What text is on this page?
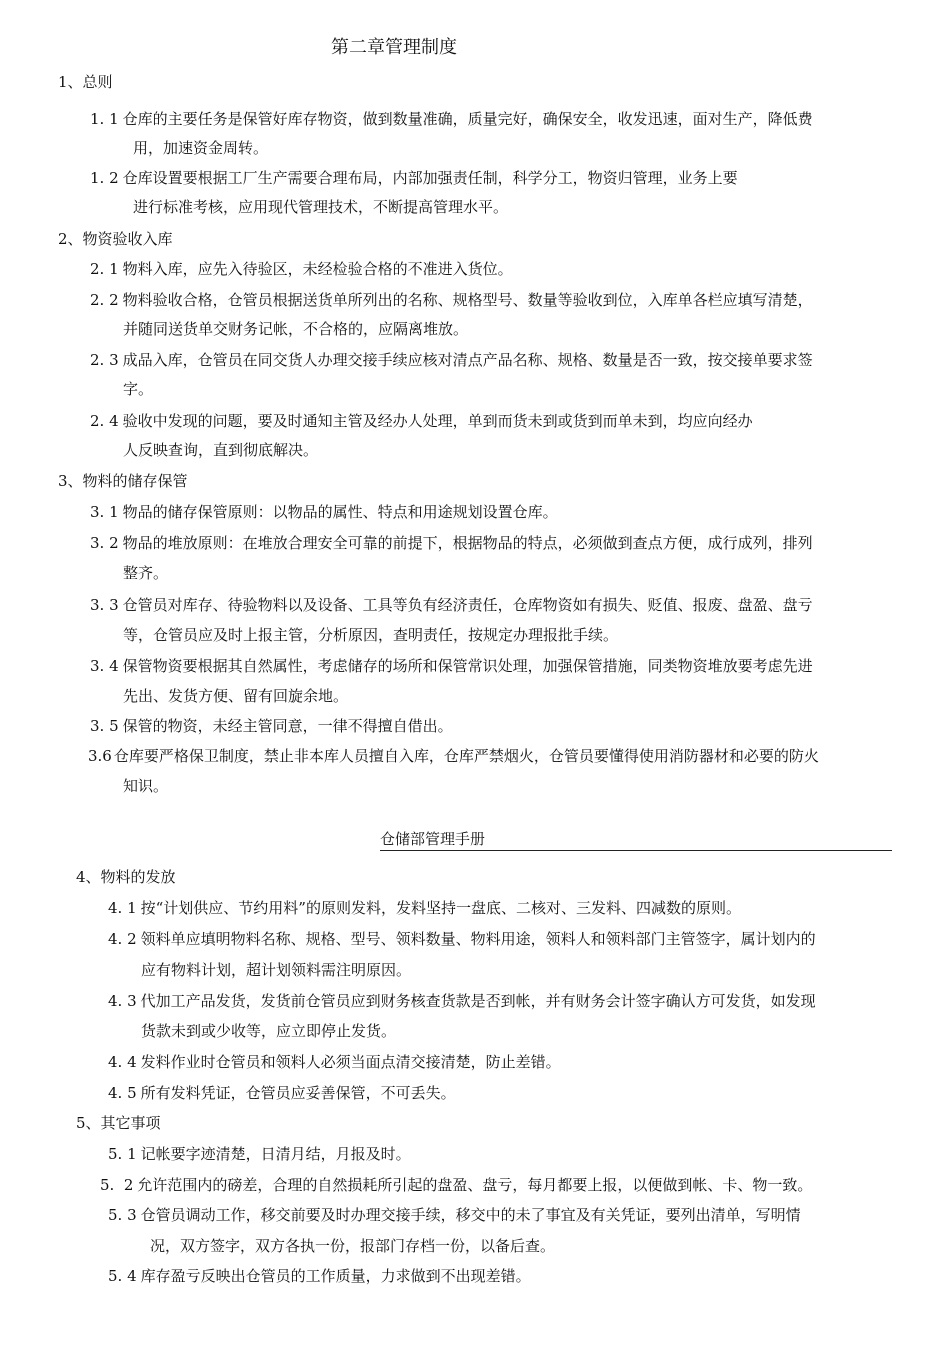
第二章管理制度
1、总则
1. 1 仓库的主要任务是保管好库存物资，做到数量准确，质量完好，确保安全，收发迅速，面对生产，降低费
用，加速资金周转。
1. 2 仓库设置要根据工厂生产需要合理布局，内部加强责任制，科学分工，物资归管理，业务上要
进行标准考核，应用现代管理技术，不断提高管理水平。
2、物资验收入库
2. 1 物料入库，应先入待验区，未经检验合格的不准进入货位。
2. 2 物料验收合格，仓管员根据送货单所列出的名称、规格型号、数量等验收到位，入库单各栏应填写清楚，
并随同送货单交财务记帐，不合格的，应隔离堆放。
2. 3 成品入库，仓管员在同交货人办理交接手续应核对清点产品名称、规格、数量是否一致，按交接单要求签
字。
2. 4 验收中发现的问题，要及时通知主管及经办人处理，单到而货未到或货到而单未到，均应向经办
人反映查询，直到彻底解决。
3、物料的储存保管
3. 1 物品的储存保管原则：以物品的属性、特点和用途规划设置仓库。
3. 2 物品的堆放原则：在堆放合理安全可靠的前提下，根据物品的特点，必须做到查点方便，成行成列，排列
整齐。
3. 3 仓管员对库存、待验物料以及设备、工具等负有经济责任，仓库物资如有损失、贬值、报废、盘盈、盘亏
等，仓管员应及时上报主管，分析原因，查明责任，按规定办理报批手续。
3. 4 保管物资要根据其自然属性，考虑储存的场所和保管常识处理，加强保管措施，同类物资堆放要考虑先进
先出、发货方便、留有回旋余地。
3. 5 保管的物资，未经主管同意，一律不得擅自借出。
3.6 仓库要严格保卫制度，禁止非本库人员擅自入库，仓库严禁烟火，仓管员要懂得使用消防器材和必要的防火
知识。
仓储部管理手册
4、物料的发放
4. 1 按“计划供应、节约用料”的原则发料，发料坚持一盘底、二核对、三发料、四减数的原则。
4. 2 领料单应填明物料名称、规格、型号、领料数量、物料用途，领料人和领料部门主管签字，属计划内的
应有物料计划，超计划领料需注明原因。
4. 3 代加工产品发货，发货前仓管员应到财务核查货款是否到帐，并有财务会计签字确认方可发货，如发现
货款未到或少收等，应立即停止发货。
4. 4 发料作业时仓管员和领料人必须当面点清交接清楚，防止差错。
4. 5 所有发料凭证，仓管员应妥善保管，不可丢失。
5、其它事项
5. 1 记帐要字迹清楚，日清月结，月报及时。
5.  2 允许范围内的磅差，合理的自然损耗所引起的盘盈、盘亏，每月都要上报，以便做到帐、卡、物一致。
5. 3 仓管员调动工作，移交前要及时办理交接手续，移交中的未了事宜及有关凭证，要列出清单，写明情
况，双方签字，双方各执一份，报部门存档一份，以备后查。
5. 4 库存盈亏反映出仓管员的工作质量，力求做到不出现差错。
